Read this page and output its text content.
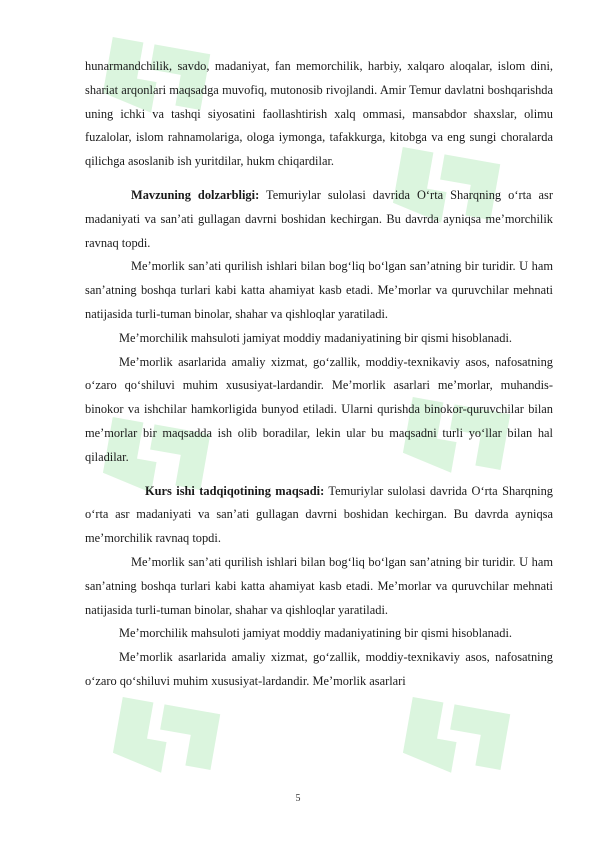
hunarmandchilik, savdo, madaniyat, fan memorchilik, harbiy, xalqaro aloqalar, islom dini, shariat arqonlari maqsadga muvofiq, mutonosib rivojlandi. Amir Temur davlatni boshqarishda uning ichki va tashqi siyosatini faollashtirish xalq ommasi, mansabdor shaxslar, olimu fuzalolar, islom rahnamolariga, ologa iymonga, tafakkurga, kitobga va eng sungi choralarda qilichga asoslanib ish yuritdilar, hukm chiqardilar.

Mavzuning dolzarbligi: Temuriylar sulolasi davrida O‘rta Sharqning o‘rta asr madaniyati va san’ati gullagan davrni boshidan kechirgan. Bu davrda ayniqsa me’morchilik ravnaq topdi.

Me’morlik san’ati qurilish ishlari bilan bog‘liq bo‘lgan san’atning bir turidir. U ham san’atning boshqa turlari kabi katta ahamiyat kasb etadi. Me’morlar va quruvchilar mehnati natijasida turli-tuman binolar, shahar va qishloqlar yaratiladi.

Me’morchilik mahsuloti jamiyat moddiy madaniyatining bir qismi hisoblanadi.

Me’morlik asarlarida amaliy xizmat, go‘zallik, moddiy-texnikaviy asos, nafosatning o‘zaro qo‘shiluvi muhim xususiyat-lardandir. Me’morlik asarlari me’morlar, muhandis-binokor va ishchilar hamkorligida bunyod etiladi. Ularni qurishda binokor-quruvchilar bilan me’morlar bir maqsadda ish olib boradilar, lekin ular bu maqsadni turli yo‘llar bilan hal qiladilar.

Kurs ishi tadqiqotining maqsadi: Temuriylar sulolasi davrida O‘rta Sharqning o‘rta asr madaniyati va san’ati gullagan davrni boshidan kechirgan. Bu davrda ayniqsa me’morchilik ravnaq topdi.

Me’morlik san’ati qurilish ishlari bilan bog‘liq bo‘lgan san’atning bir turidir. U ham san’atning boshqa turlari kabi katta ahamiyat kasb etadi. Me’morlar va quruvchilar mehnati natijasida turli-tuman binolar, shahar va qishloqlar yaratiladi.

Me’morchilik mahsuloti jamiyat moddiy madaniyatining bir qismi hisoblanadi.

Me’morlik asarlarida amaliy xizmat, go‘zallik, moddiy-texnikaviy asos, nafosatning o‘zaro qo‘shiluvi muhim xususiyat-lardandir. Me’morlik asarlari

5
